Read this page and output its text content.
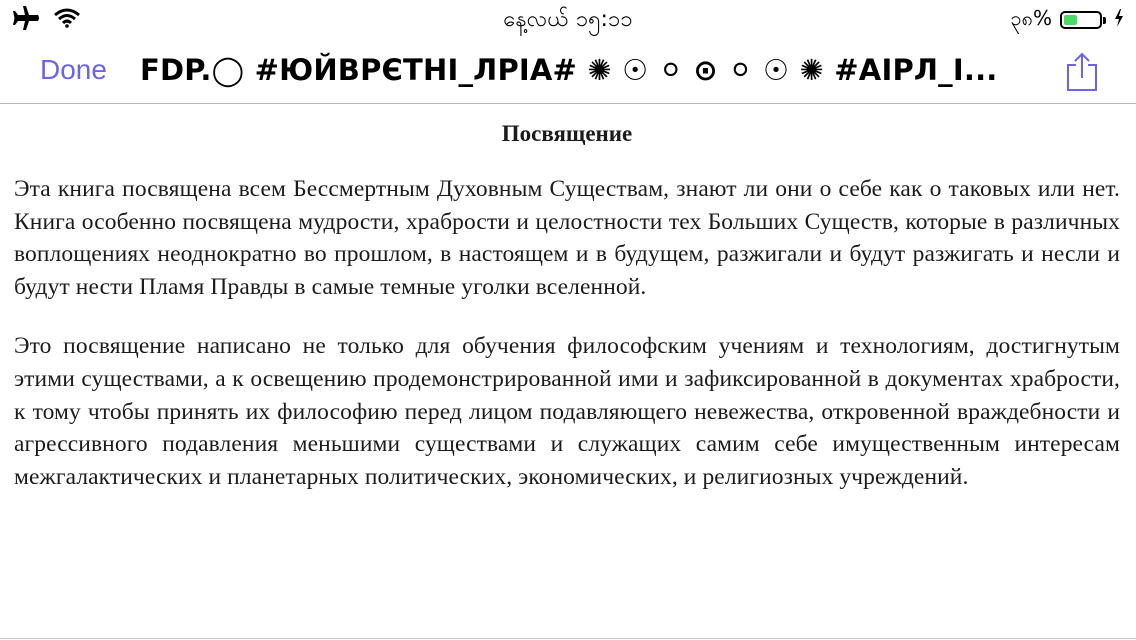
နေ့လယ် ၁၅:၁၁	၃၈%
Done FDP.◯ #ЮЙВРЄТНІ_ЛРІА# ✺ ☉ ⚪ ⊙ ⚪ ☉ ✺ #АІРЛ_І...
Посвящение

Эта книга посвящена всем Бессмертным Духовным Существам, знают ли они о себе как о таковых или нет. Книга особенно посвящена мудрости, храбрости и целостности тех Больших Существ, которые в различных воплощениях неоднократно во прошлом, в настоящем и в будущем, разжигали и будут разжигать и несли и будут нести Пламя Правды в самые темные уголки вселенной.

Это посвящение написано не только для обучения философским учениям и технологиям, достигнутым этими существами, а к освещению продемонстрированной ими и зафиксированной в документах храбрости, к тому чтобы принять их философию перед лицом подавляющего невежества, откровенной враждебности и агрессивного подавления меньшими существами и служащих самим себе имущественным интересам межгалактических и планетарных политических, экономических, и религиозных учреждений.
